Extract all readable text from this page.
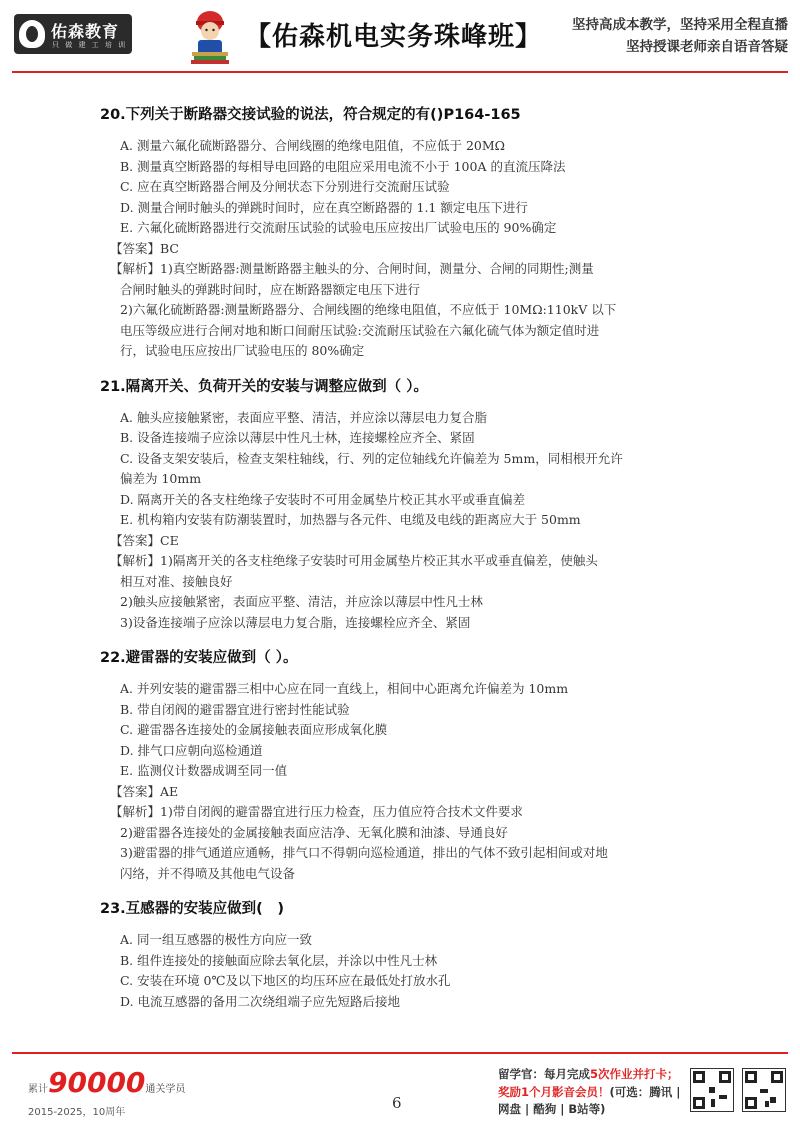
佑森教育
只 做 建 工 培 训	【佑森机电实务珠峰班】 坚持高成本教学，坚持采用全程直播
坚持授课老师亲自语音答疑
20.下列关于断路器交接试验的说法，符合规定的有()P164-165
A. 测量六氟化硫断路器分、合闸线圈的绝缘电阻值，不应低于 20MΩ
B. 测量真空断路器的每相导电回路的电阻应采用电流不小于 100A 的直流压降法
C. 应在真空断路器合闸及分闸状态下分别进行交流耐压试验
D. 测量合闸时触头的弹跳时间时，应在真空断路器的 1.1 额定电压下进行
E. 六氟化硫断路器进行交流耐压试验的试验电压应按出厂试验电压的 90%确定
【答案】BC
【解析】1)真空断路器:测量断路器主触头的分、合闸时间，测量分、合闸的同期性;测量
合闸时触头的弹跳时间时，应在断路器额定电压下进行
2)六氟化硫断路器:测量断路器分、合闸线圈的绝缘电阻值，不应低于 10MΩ:110kV 以下
电压等级应进行合闸对地和断口间耐压试验:交流耐压试验在六氟化硫气体为额定值时进
行，试验电压应按出厂试验电压的 80%确定
21.隔离开关、负荷开关的安装与调整应做到（ ）。
A. 触头应接触紧密，表面应平整、清洁，并应涂以薄层电力复合脂
B. 设备连接端子应涂以薄层中性凡士林，连接螺栓应齐全、紧固
C. 设备支架安装后，检查支架柱轴线，行、列的定位轴线允许偏差为 5mm，同相根开允许
偏差为 10mm
D. 隔离开关的各支柱绝缘子安装时不可用金属垫片校正其水平或垂直偏差
E. 机构箱内安装有防潮装置时，加热器与各元件、电缆及电线的距离应大于 50mm
【答案】CE
【解析】1)隔离开关的各支柱绝缘子安装时可用金属垫片校正其水平或垂直偏差，使触头
相互对准、接触良好
2)触头应接触紧密，表面应平整、清洁，并应涂以薄层中性凡士林
3)设备连接端子应涂以薄层电力复合脂，连接螺栓应齐全、紧固
22.避雷器的安装应做到（ ）。
A. 并列安装的避雷器三相中心应在同一直线上，相间中心距离允许偏差为 10mm
B. 带自闭阀的避雷器宜进行密封性能试验
C. 避雷器各连接处的金属接触表面应形成氧化膜
D. 排气口应朝向巡检通道
E. 监测仪计数器成调至同一值
【答案】AE
【解析】1)带自闭阀的避雷器宜进行压力检查，压力值应符合技术文件要求
2)避雷器各连接处的金属接触表面应洁净、无氧化膜和油漆、导通良好
3)避雷器的排气通道应通畅，排气口不得朝向巡检通道，排出的气体不致引起相间或对地
闪络，并不得喷及其他电气设备
23.互感器的安装应做到(　)
A. 同一组互感器的极性方向应一致
B. 组件连接处的接触面应除去氧化层，并涂以中性凡士林
C. 安装在环境 0℃及以下地区的均压环应在最低处打放水孔
D. 电流互感器的备用二次绕组端子应先短路后接地
累计90000通关学员
2015-2025，10周年
6
留学官：每月完成5次作业并打卡；
奖励1个月影音会员！(可选：腾讯 |
网盘 | 酷狗 | B站等)
